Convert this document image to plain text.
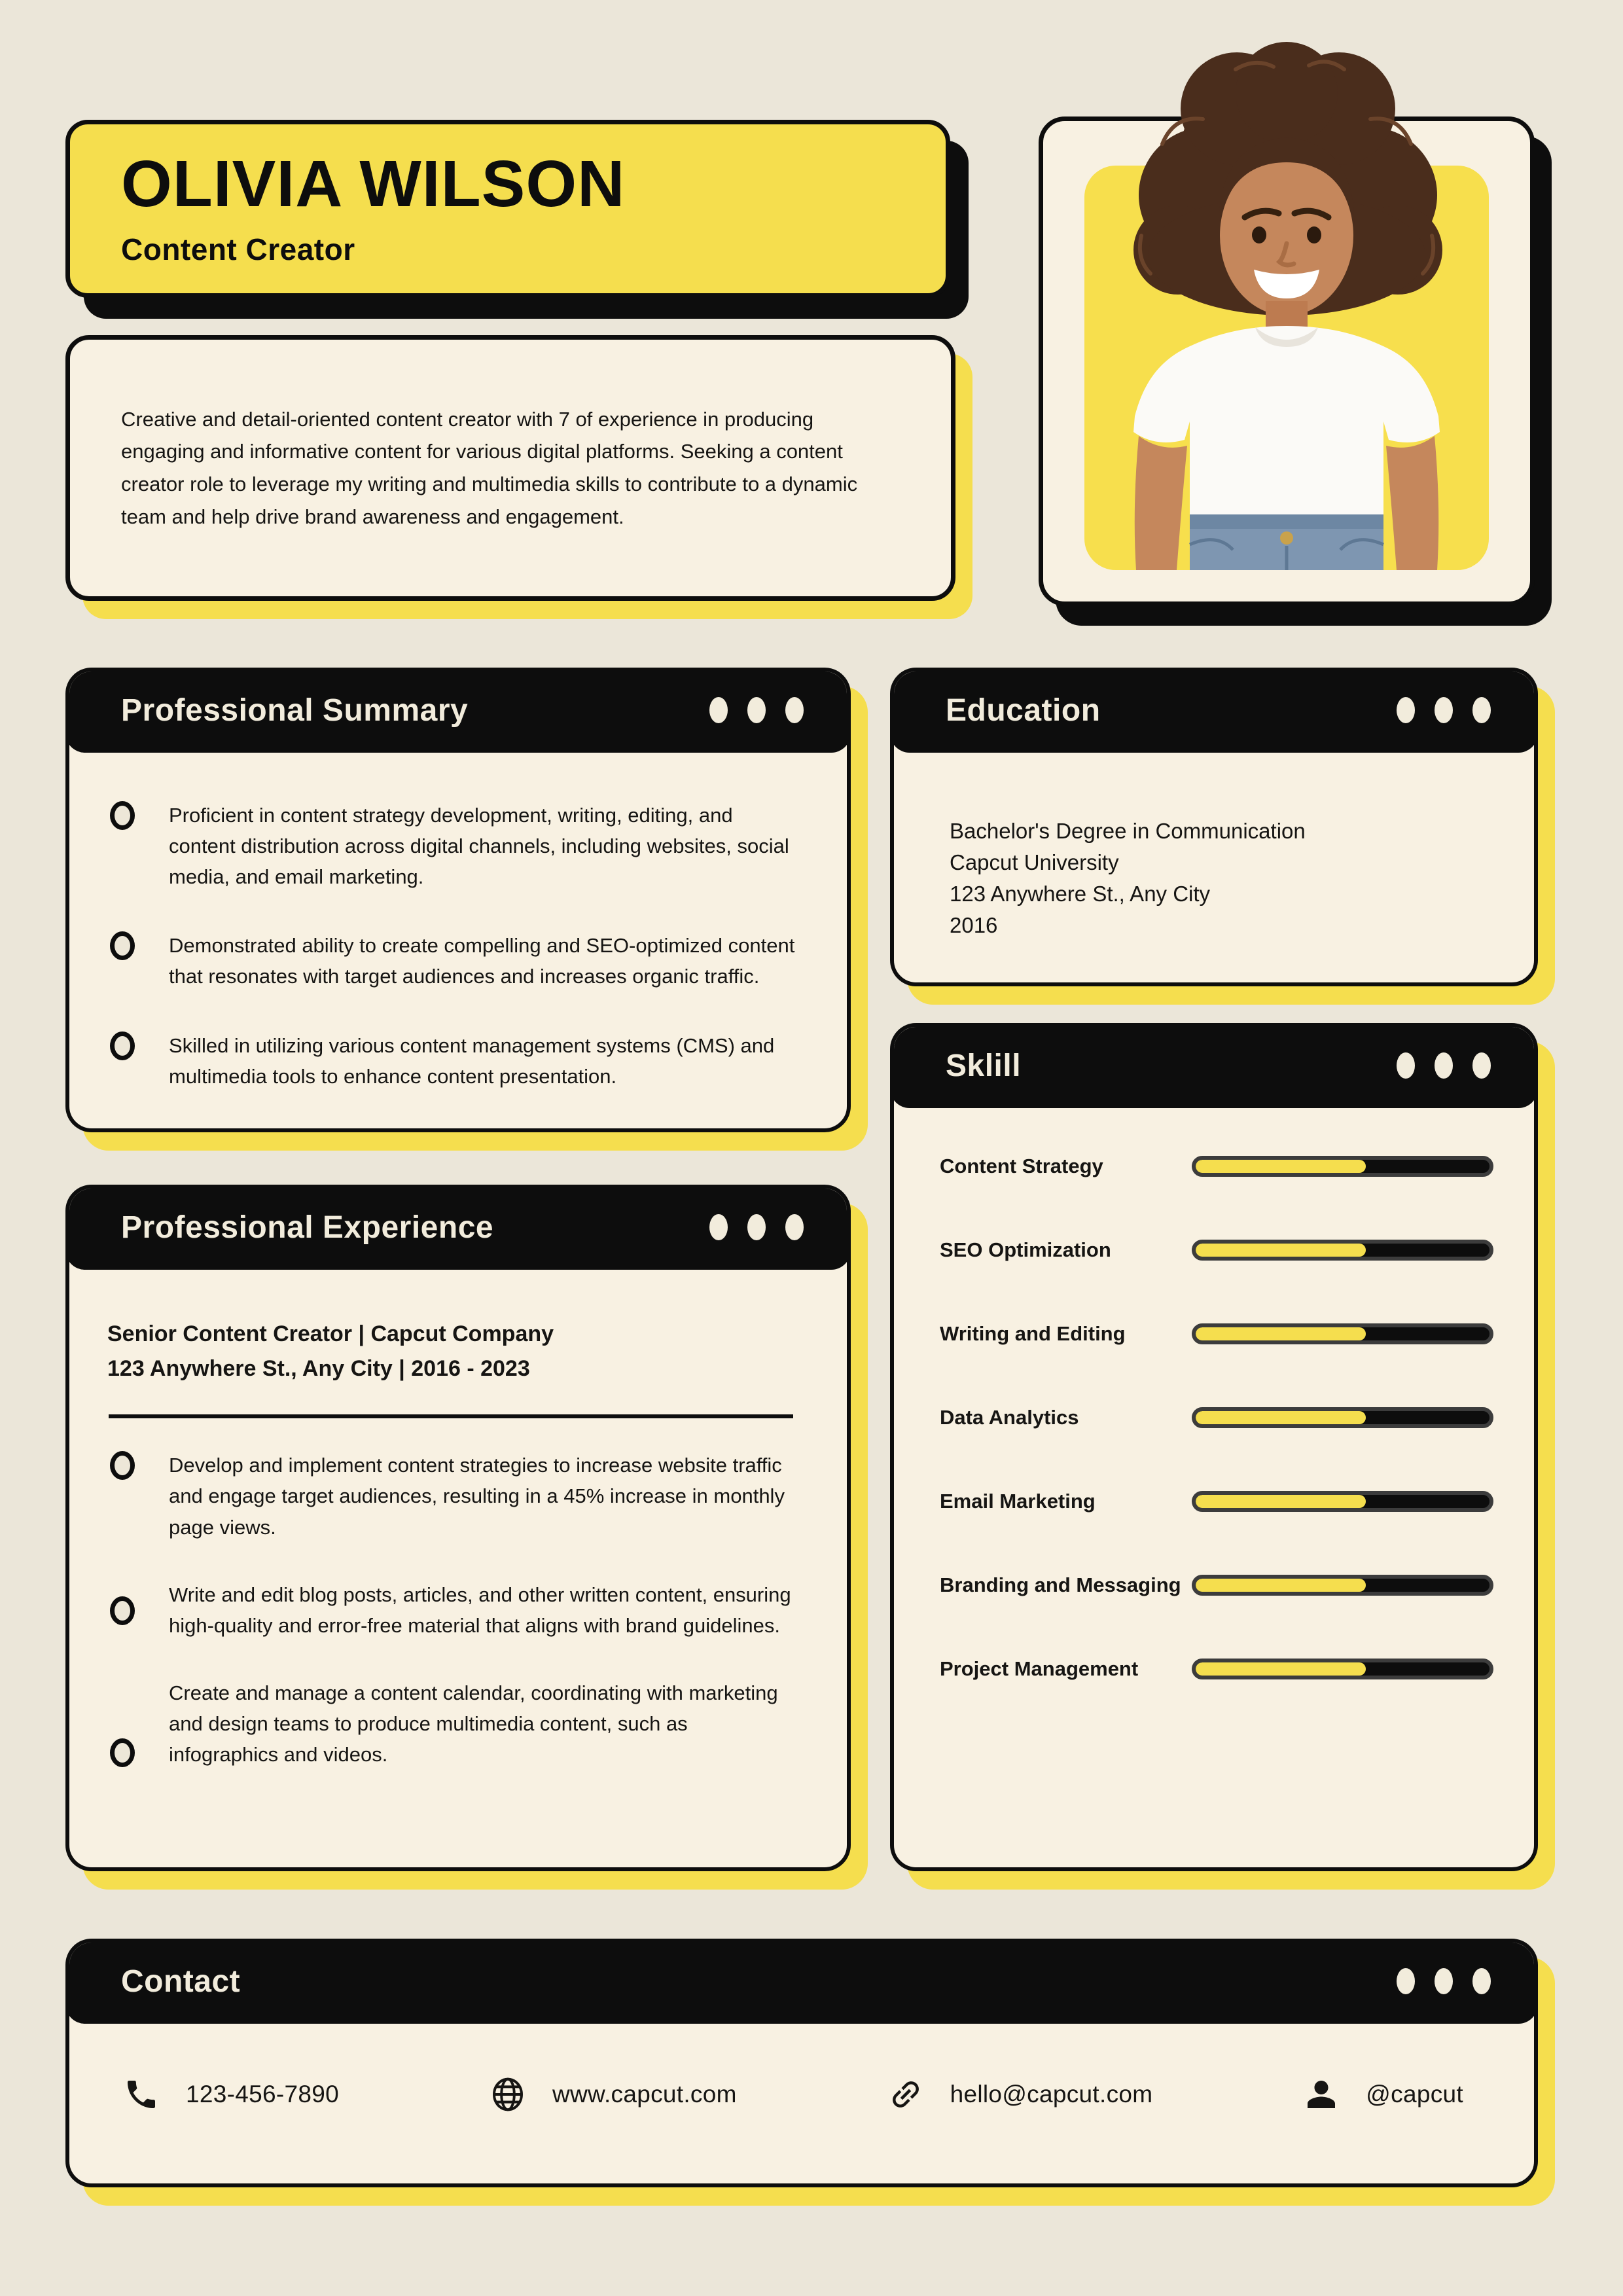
OLIVIA WILSON
Content Creator

Creative and detail-oriented content creator with 7 of experience in producing engaging and informative content for various digital platforms. Seeking a content creator role to leverage my writing and multimedia skills to contribute to a dynamic team and help drive brand awareness and engagement.

Professional Summary

Proficient in content strategy development, writing, editing, and content distribution across digital channels, including websites, social media, and email marketing.

Demonstrated ability to create compelling and SEO-optimized content that resonates with target audiences and increases organic traffic.

Skilled in utilizing various content management systems (CMS) and multimedia tools to enhance content presentation.

Education

Bachelor's Degree in Communication

Capcut University

123 Anywhere St., Any City

2016

Sklill
Content Strategy
SEO Optimization
Writing and Editing
Data Analytics
Email Marketing
Branding and Messaging
Project Management
Professional Experience

Senior Content Creator | Capcut Company

123 Anywhere St., Any City | 2016 - 2023

Develop and implement content strategies to increase website traffic and engage target audiences, resulting in a 45% increase in monthly page views.

Write and edit blog posts, articles, and other written content, ensuring high-quality and error-free material that aligns with brand guidelines.

Create and manage a content calendar, coordinating with marketing and design teams to produce multimedia content, such as infographics and videos.

Contact
123-456-7890	www.capcut.com	hello@capcut.com	@capcut
